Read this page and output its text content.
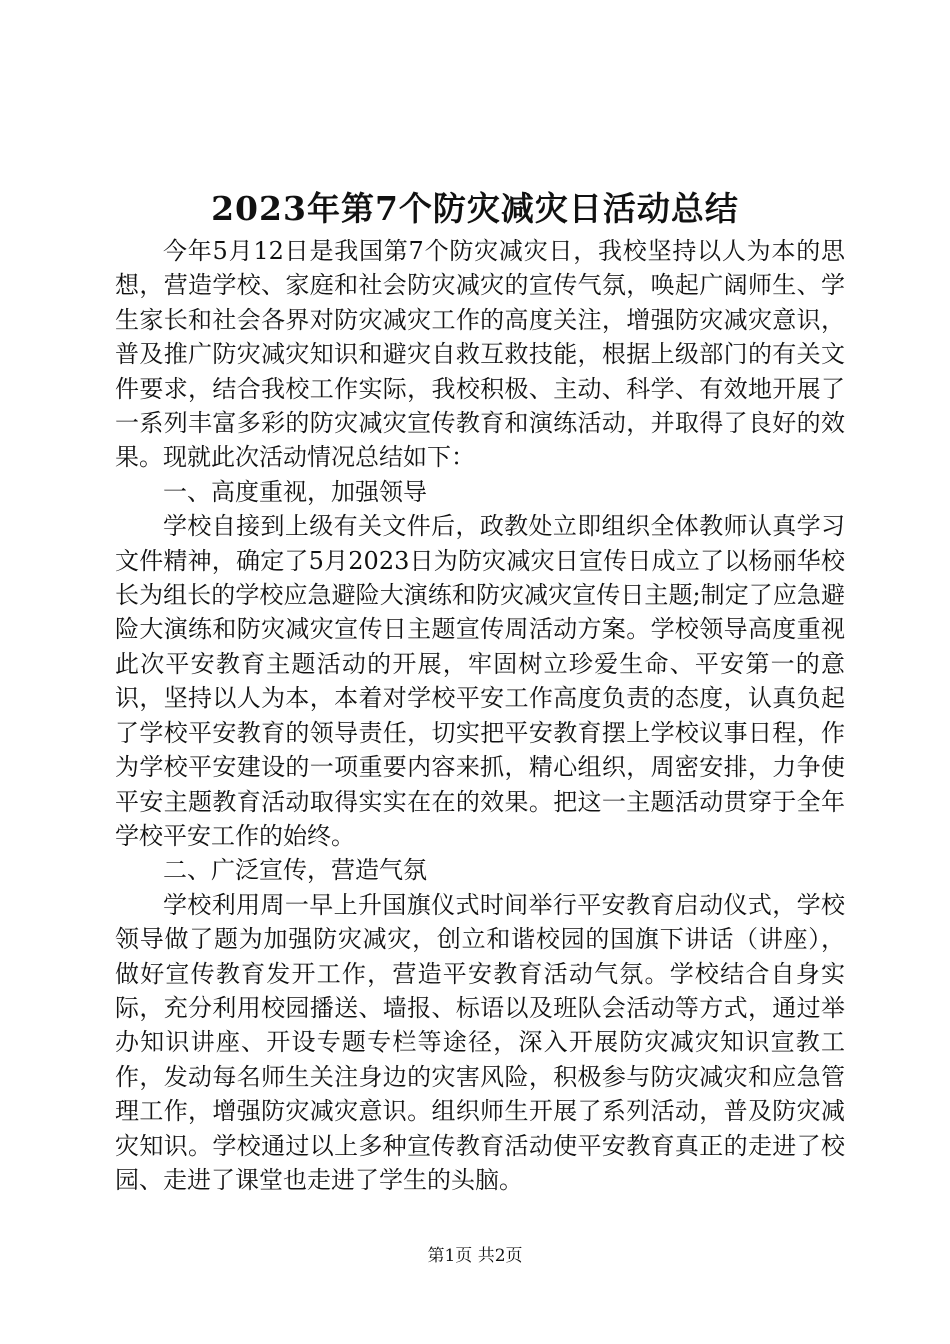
2023年第7个防灾减灾日活动总结

今年5月12日是我国第7个防灾减灾日，我校坚持以人为本的思想，营造学校、家庭和社会防灾减灾的宣传气氛，唤起广阔师生、学生家长和社会各界对防灾减灾工作的高度关注，增强防灾减灾意识，普及推广防灾减灾知识和避灾自救互救技能，根据上级部门的有关文件要求，结合我校工作实际，我校积极、主动、科学、有效地开展了一系列丰富多彩的防灾减灾宣传教育和演练活动，并取得了良好的效果。现就此次活动情况总结如下：

一、高度重视，加强领导

学校自接到上级有关文件后，政教处立即组织全体教师认真学习文件精神，确定了5月2023日为防灾减灾日宣传日成立了以杨丽华校长为组长的学校应急避险大演练和防灾减灾宣传日主题;制定了应急避险大演练和防灾减灾宣传日主题宣传周活动方案。学校领导高度重视此次平安教育主题活动的开展，牢固树立珍爱生命、平安第一的意识，坚持以人为本，本着对学校平安工作高度负责的态度，认真负起了学校平安教育的领导责任，切实把平安教育摆上学校议事日程，作为学校平安建设的一项重要内容来抓，精心组织，周密安排，力争使平安主题教育活动取得实实在在的效果。把这一主题活动贯穿于全年学校平安工作的始终。

二、广泛宣传，营造气氛

学校利用周一早上升国旗仪式时间举行平安教育启动仪式，学校领导做了题为加强防灾减灾，创立和谐校园的国旗下讲话（讲座），做好宣传教育发开工作，营造平安教育活动气氛。学校结合自身实际，充分利用校园播送、墙报、标语以及班队会活动等方式，通过举办知识讲座、开设专题专栏等途径，深入开展防灾减灾知识宣教工作，发动每名师生关注身边的灾害风险，积极参与防灾减灾和应急管理工作，增强防灾减灾意识。组织师生开展了系列活动，普及防灾减灾知识。学校通过以上多种宣传教育活动使平安教育真正的走进了校园、走进了课堂也走进了学生的头脑。

第1页 共2页
